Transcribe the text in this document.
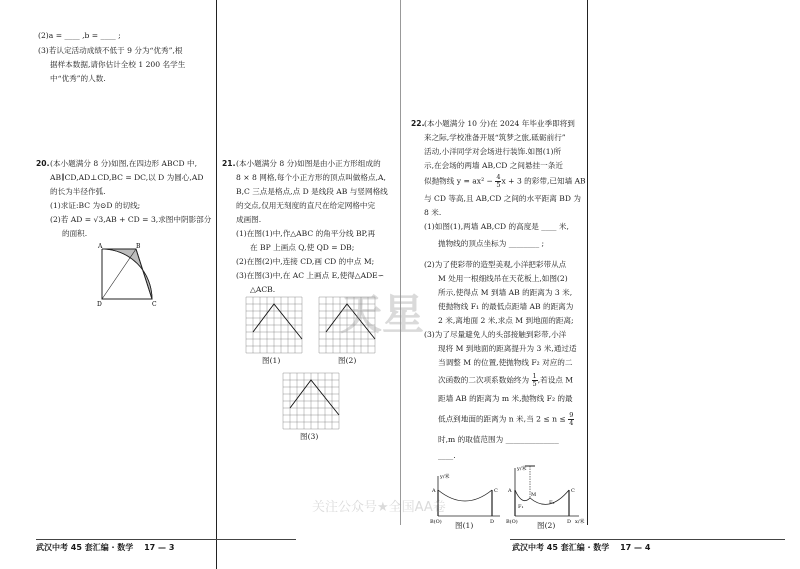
(2)a = ____ ,b = ____ ;
(3)若认定活动成绩不低于 9 分为“优秀”,根
据样本数据,请你估计全校 1 200 名学生
中“优秀”的人数.
20. (本小题满分 8 分)如图,在四边形 ABCD 中,
AB∥CD,AD⊥CD,BC = DC,以 D 为圆心,AD
的长为半径作弧.
(1)求证:BC 为⊙D 的切线;
(2)若 AD = √3,AB + CD = 3,求图中阴影部分
的面积.
A	B
D	C
21. (本小题满分 8 分)如图是由小正方形组成的
8 × 8 网格,每个小正方形的顶点叫做格点,A,
B,C 三点是格点,点 D 是线段 AB 与竖网格线
的交点,仅用无刻度的直尺在给定网格中完
成画图.
(1)在图(1)中,作△ABC 的角平分线 BP,再
在 BP 上画点 Q,使 QD = DB;
(2)在图(2)中,连接 CD,画 CD 的中点 M;
(3)在图(3)中,在 AC 上画点 E,使得△ADE∽
△ACB.
图(1)	图(2)
图(3)
22. (本小题满分 10 分)在 2024 年毕业季即将到
来之际,学校准备开展“筑梦之旅,砥砺前行”
活动,小洋同学对会场进行装饰.如图(1)所
示,在会场的两墙 AB,CD 之间悬挂一条近
似抛物线 $y = ax^2 - \frac{4}{5}$ x + 3 的彩带,已知墙 AB
与 CD 等高,且 AB,CD 之间的水平距离 BD 为
8 米.
(1)如图(1),两墙 AB,CD 的高度是 ____ 米,
抛物线的顶点坐标为 ________ ;
(2)为了使彩带的造型美观,小洋把彩带从点
M 处用一根细线吊在天花板上,如图(2)
所示,使得点 M 到墙 AB 的距离为 3 米,
使抛物线 F₁ 的最低点距墙 AB 的距离为
2 米,离地面 2 米,求点 M 到地面的距离;
(3)为了尽量避免人的头部接触到彩带,小洋
现将 M 到地面的距离提升为 3 米,通过适
当调整 M 的位置,使抛物线 F₂ 对应的二
次函数的二次项系数始终为 $\frac{1}{5}$ ,若设点 M
距墙 AB 的距离为 m 米,抛物线 F₂ 的最
低点到地面的距离为 n 米,当 $2 \le n \le \frac{9}{4}$
时,m 的取值范围为 ______________
____.
y/米
A	C
B(O)	D
y/米
A	C
M
F₁
F₂
B(O)	D x/米
图(1)	图(2)
武汉中考 45 套汇编 · 数学 17 — 3	武汉中考 45 套汇编 · 数学 17 — 4
天星
关注公众号★全国AA卷
